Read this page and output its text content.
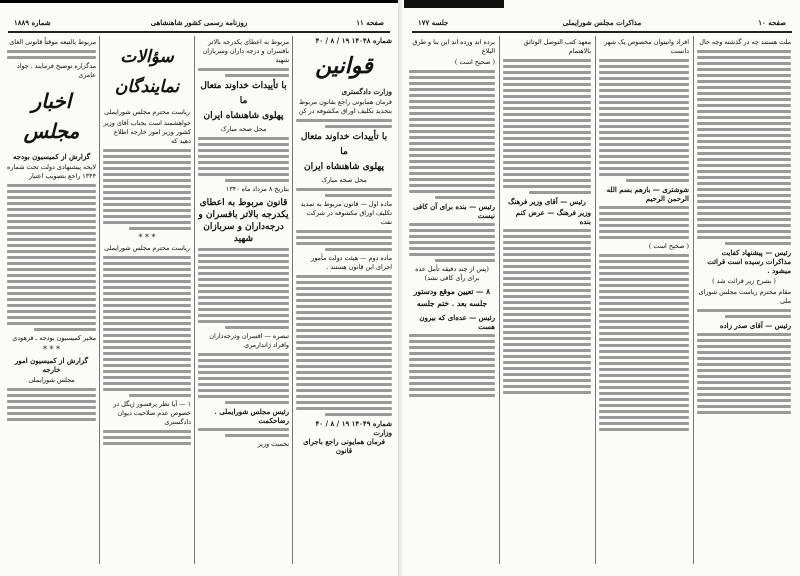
صفحه ۱۱
روزنامه رسمی کشور شاهنشاهی
شماره ۱۸۸۹
شماره ۱۴۰۴۸ ۱۹ / ۸ / ۴۰
قوانین
وزارت دادگستری
فرمان همایونی راجع بقانون مربوط بتجدید تکلیف اوراق مکشوفه در کن
با تأییدات خداوند متعال
ما
پهلوی شاهنشاه ایران
محل صحه مبارک
ماده اول — قانون مربوط به تمدید تکلیف اوراق مکشوفه در شرکت نفت
ماده دوم — هیئت دولت مأمور اجرای این قانون هستند .
شماره ۱۴۰۴۹ ۱۹ / ۸ / ۴۰
وزارت
فرمان همایونی راجع باجرای قانون
مربوط به اعطای یکدرجه بالاتر بافسران و درجه داران وسربازان شهید
با تأییدات خداوند متعال
ما
پهلوی شاهنشاه ایران
محل صحه مبارک
بتاریخ ۸ مرداد ماه ۱۳۴۰
قانون مربوط به اعطای یکدرجه بالاتر بافسران و درجه‌داران و سربازان شهید
تبصره — افسران ودرجه‌داران وافراد ژاندارمری
رئیس مجلس شورایملی . رضاحکمت
نخست وزیر
سؤالات نمایندگان
ریاست محترم مجلس شورایملی
خواهشمند است بجناب آقای وزیر کشور وزیر امور خارجه اطلاع دهید که
* * *
ریاست محترم مجلس شورایملی
۱ — آیا نظر پرفسور ژیگل در خصوص عدم صلاحیت دیوان دادگستری
مربوط بالتبعه موقتاً قانونی الغای
مدگزاره توضیح فرمایند . جواد عامری
اخبار مجلس
گزارش از کمیسیون بودجه
لایحه پیشنهادی دولت تحت شماره ۱۳۴۴ راجع بتصویب اعتبار
مخبر کمیسیون بودجه ـ فرهودی
* * *
گزارش از کمیسیون امور خارجه
مجلس شورایملی
صفحه ۱۰
مذاکرات مجلس شورایملی
جلسه ۱۷۷
ملت هستند چه در گذشته وچه حال
رئیس — پیشنهاد کفایت مذاکرات رسیده است قرائت میشود .
( بشرح زیر قرائت شد )
مقام محترم ریاست مجلس شورای ملی
رئیس — آقای صدر زاده
افراد وانیتوان مخصوص یک شهر دانست
شوشتری — بازهم بسم الله الرحمن الرحیم
( صحیح است )
معهذ کتب التوصل الوثائق بالاهتمام
رئیس — آقای وزیر فرهنگ
وزیر فرهنگ — عرض کنم بنده
برده اند ورده اند این بنا و طرق البلاغ
( صحیح است )
رئیس — بنده برای آن کافی نیست
(پس از چند دقیقه تأمل عده برای رأی کافی نشد)
۸ — تعیین موقع ودستور جلسه بعد . ختم جلسه
رئیس — عده‌ای که بیرون هست
